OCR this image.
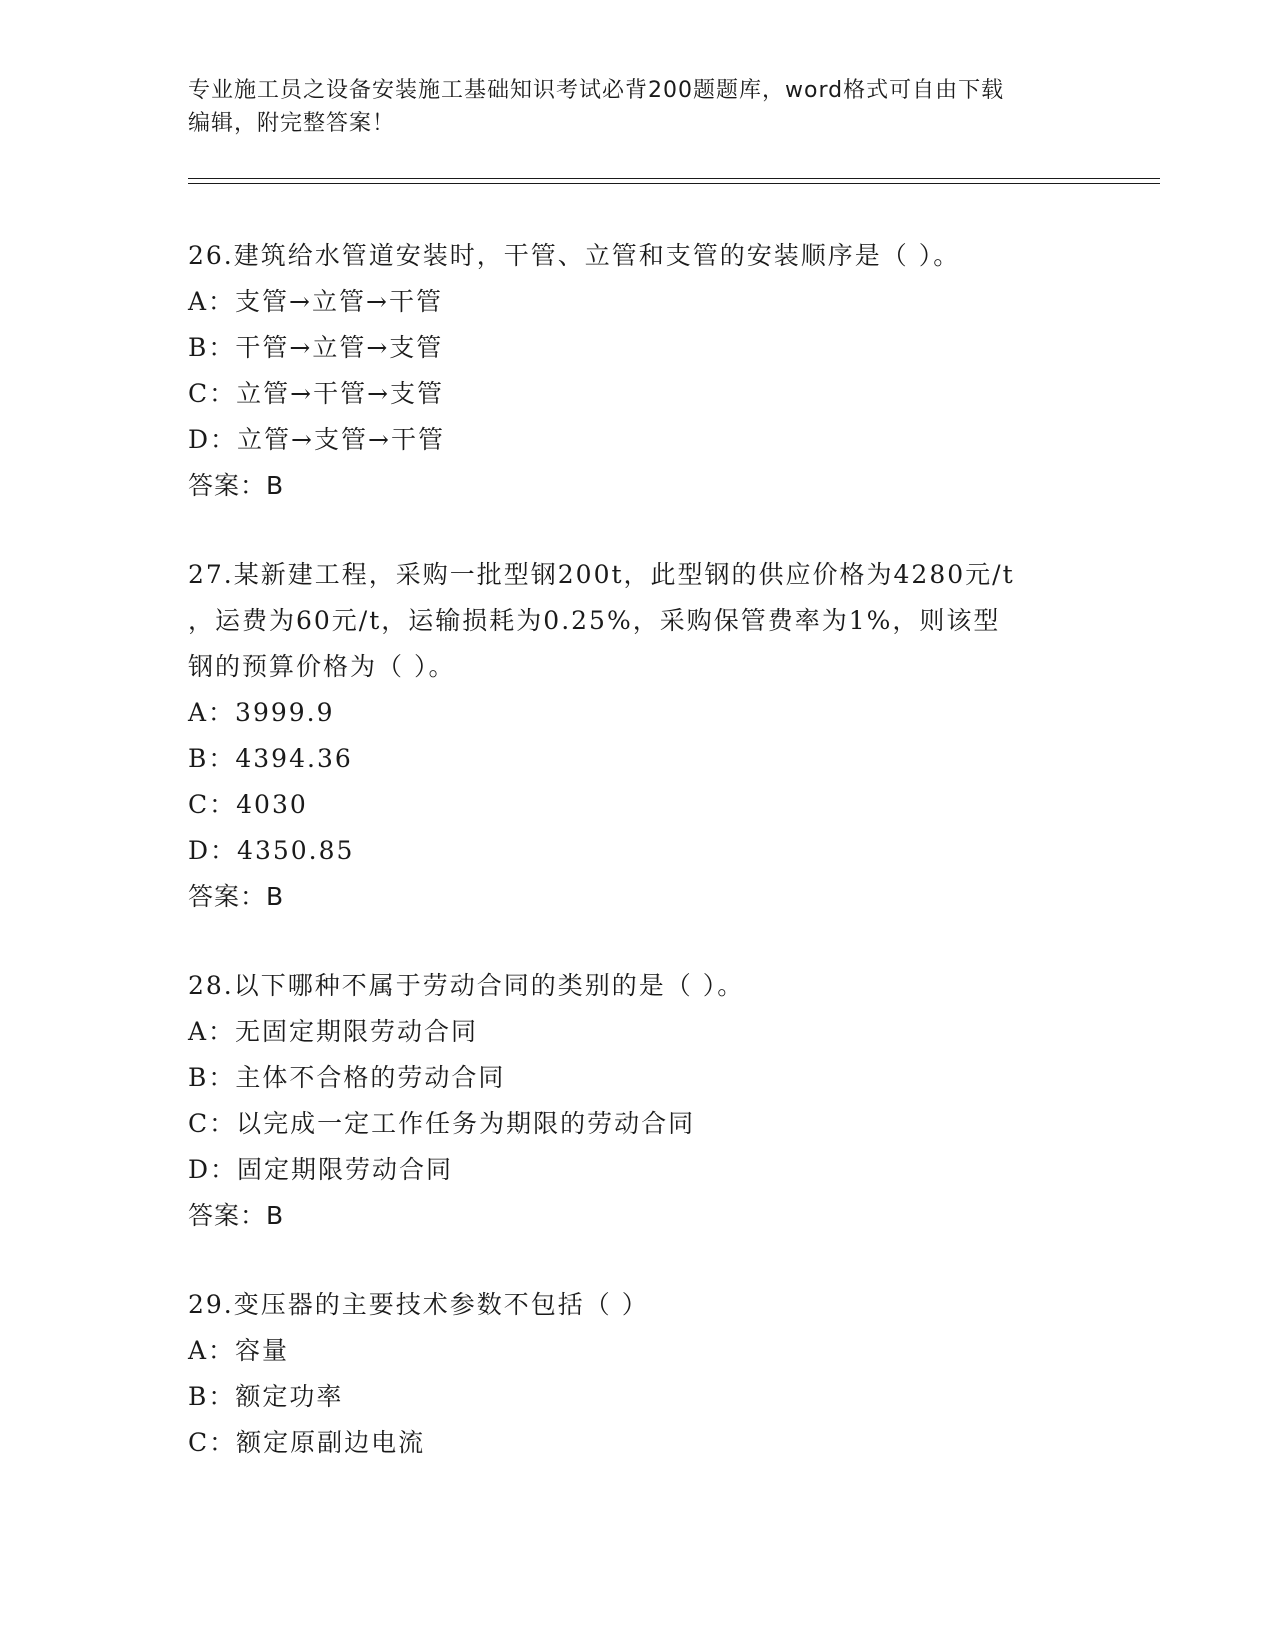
专业施工员之设备安装施工基础知识考试必背200题题库，word格式可自由下载
编辑，附完整答案！
26.建筑给水管道安装时，干管、立管和支管的安装顺序是（ ）。
A：支管→立管→干管
B：干管→立管→支管
C：立管→干管→支管
D：立管→支管→干管
答案：B
27.某新建工程，采购一批型钢200t，此型钢的供应价格为4280元/t
，运费为60元/t，运输损耗为0.25%，采购保管费率为1%，则该型
钢的预算价格为（ ）。
A：3999.9
B：4394.36
C：4030
D：4350.85
答案：B
28.以下哪种不属于劳动合同的类别的是（ ）。
A：无固定期限劳动合同
B：主体不合格的劳动合同
C：以完成一定工作任务为期限的劳动合同
D：固定期限劳动合同
答案：B
29.变压器的主要技术参数不包括（ ）
A：容量
B：额定功率
C：额定原副边电流
